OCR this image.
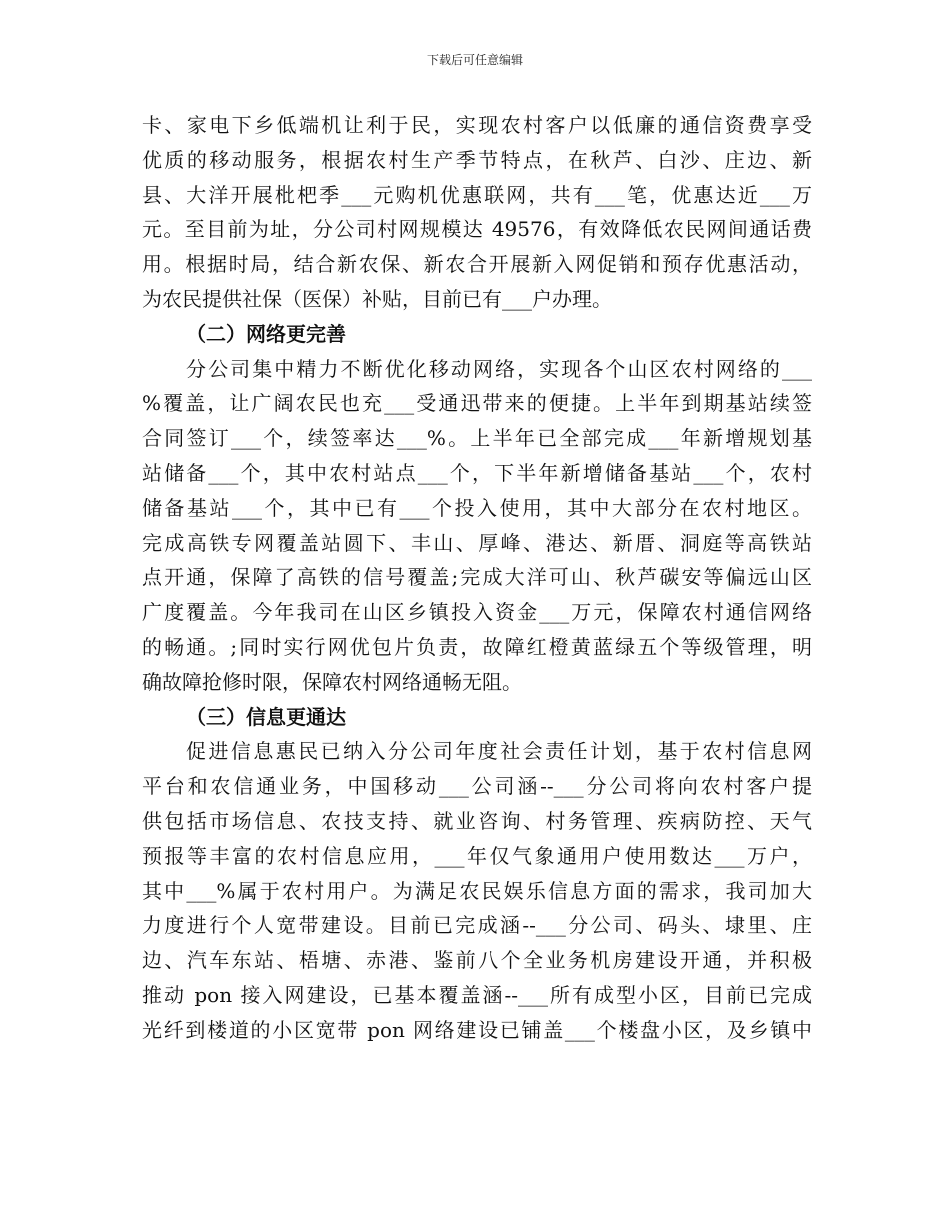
下载后可任意编辑
卡、家电下乡低端机让利于民，实现农村客户以低廉的通信资费享受
优质的移动服务，根据农村生产季节特点，在秋芦、白沙、庄边、新
县、大洋开展枇杷季___元购机优惠联网，共有___笔，优惠达近___万
元。至目前为址，分公司村网规模达 49576，有效降低农民网间通话费
用。根据时局，结合新农保、新农合开展新入网促销和预存优惠活动，
为农民提供社保（医保）补贴，目前已有___户办理。
（二）网络更完善
分公司集中精力不断优化移动网络，实现各个山区农村网络的___
%覆盖，让广阔农民也充___受通迅带来的便捷。上半年到期基站续签
合同签订___个，续签率达___%。上半年已全部完成___年新增规划基
站储备___个，其中农村站点___个，下半年新增储备基站___个，农村
储备基站___个，其中已有___个投入使用，其中大部分在农村地区。
完成高铁专网覆盖站圆下、丰山、厚峰、港达、新厝、洞庭等高铁站
点开通，保障了高铁的信号覆盖;完成大洋可山、秋芦碳安等偏远山区
广度覆盖。今年我司在山区乡镇投入资金___万元，保障农村通信网络
的畅通。;同时实行网优包片负责，故障红橙黄蓝绿五个等级管理，明
确故障抢修时限，保障农村网络通畅无阻。
（三）信息更通达
促进信息惠民已纳入分公司年度社会责任计划，基于农村信息网
平台和农信通业务，中国移动___公司涵--___分公司将向农村客户提
供包括市场信息、农技支持、就业咨询、村务管理、疾病防控、天气
预报等丰富的农村信息应用，___年仅气象通用户使用数达___万户，
其中___%属于农村用户。为满足农民娱乐信息方面的需求，我司加大
力度进行个人宽带建设。目前已完成涵--___分公司、码头、埭里、庄
边、汽车东站、梧塘、赤港、鉴前八个全业务机房建设开通，并积极
推动 pon 接入网建设，已基本覆盖涵--___所有成型小区，目前已完成
光纤到楼道的小区宽带 pon 网络建设已铺盖___个楼盘小区，及乡镇中
